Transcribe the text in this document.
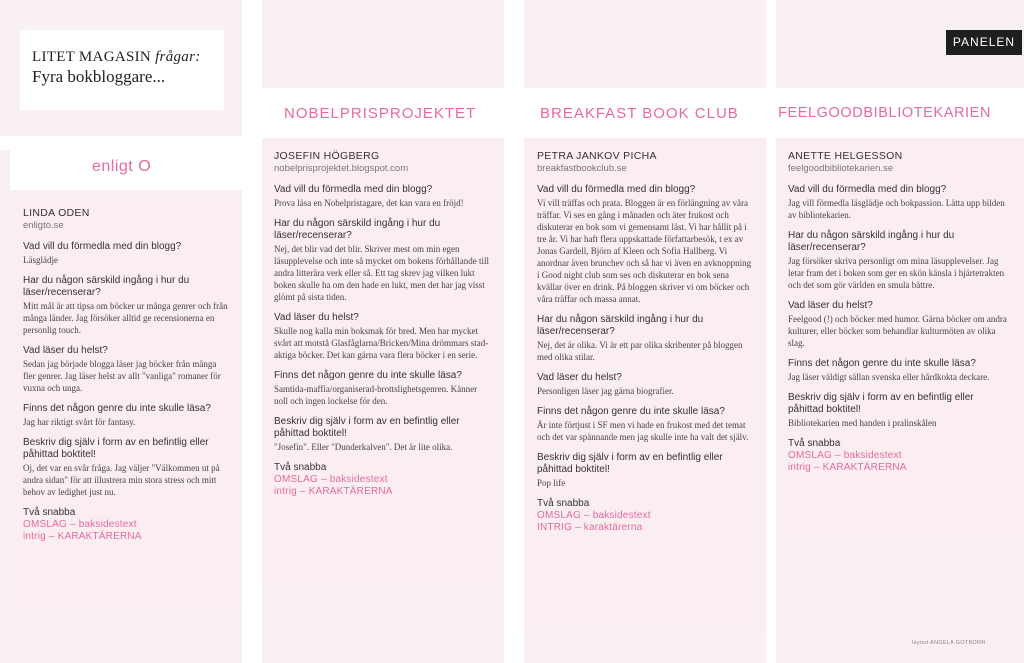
enligt O
LINDA ODEN
enligto.se
Vad vill du förmedla med din blogg?
Läsglädje
Har du någon särskild ingång i hur du läser/recenserar?
Mitt mål är att tipsa om böcker ur många genrer och från många länder. Jag försöker alltid ge recensionerna en personlig touch.
Vad läser du helst?
Sedan jag började blogga läser jag böcker från många fler genrer. Jag läser helst av allt "vanliga" romaner för vuxna och unga.
Finns det någon genre du inte skulle läsa?
Jag har riktigt svårt för fantasy.
Beskriv dig själv i form av en befintlig eller påhittad boktitel!
Oj, det var en svår fråga. Jag väljer "Välkommen ut på andra sidan" för att illustrera min stora stress och mitt behov av ledighet just nu.
Två snabba
OMSLAG – baksidestext
intrig – KARAKTÄRERNA
LITET MAGASIN frågar:
Fyra bokbloggare...
NOBELPRISPROJEKTET
JOSEFIN HÖGBERG
nobelprisprojektet.blogspot.com
Vad vill du förmedla med din blogg?
Prova läsa en Nobelpristagare, det kan vara en fröjd!
Har du någon särskild ingång i hur du läser/recenserar?
Nej, det blir vad det blir. Skriver mest om min egen läsupplevelse och inte så mycket om bokens förhållande till andra litterära verk eller så. Ett tag skrev jag vilken lukt boken skulle ha om den hade en lukt, men det har jag visst glömt på sista tiden.
Vad läser du helst?
Skulle nog kalla min boksmak för bred. Men har mycket svårt att motstå Glasfåglarna/Bricken/Mina drömmars stad-aktiga böcker. Det kan gärna vara flera böcker i en serie.
Finns det någon genre du inte skulle läsa?
Samtida-maffia/organiserad-brottslighetsgenren. Känner noll och ingen lockelse för den.
Beskriv dig själv i form av en befintlig eller påhittad boktitel!
"Josefin". Eller "Dunderkalven". Det är lite olika.
Två snabba
OMSLAG – baksidestext
intrig – KARAKTÄRERNA
BREAKFAST BOOK CLUB
PETRA JANKOV PICHA
breakfastbookclub.se
Vad vill du förmedla med din blogg?
Vi vill träffas och prata. Bloggen är en förlängning av våra träffar. Vi ses en gång i månaden och äter frukost och diskuterar en bok som vi gemensamt läst. Vi har hållit på i tre år. Vi har haft flera uppskattade författarbesök, t ex av Jonas Gardell, Björn af Kleen och Sofia Hallberg. Vi anordnar även brunchev och så har vi även en avknoppning i Good night club som ses och diskuterar en bok sena kvällar över en drink. På bloggen skriver vi om böcker och våra träffar och massa annat.
Har du någon särskild ingång i hur du läser/recenserar?
Nej, det är olika. Vi är ett par olika skribenter på bloggen med olika stilar.
Vad läser du helst?
Personligen läser jag gärna biografier.
Finns det någon genre du inte skulle läsa?
Är inte förtjust i SF men vi hade en frukost med det temat och det var spännande men jag skulle inte ha valt det själv.
Beskriv dig själv i form av en befintlig eller påhittad boktitel!
Pop life
Två snabba
OMSLAG – baksidestext
INTRIG – karaktärerna
FEELGOODBIBLIOTEKARIEN
ANETTE HELGESSON
feelgoodbibliotekarien.se
Vad vill du förmedla med din blogg?
Jag vill förmedla läsglädje och bokpassion. Lätta upp bilden av bibliotekarien.
Har du någon särskild ingång i hur du läser/recenserar?
Jag försöker skriva personligt om mina läsupplevelser. Jag letar fram det i boken som ger en skön känsla i hjärtetrakten och det som gör världen en smula bättre.
Vad läser du helst?
Feelgood (!) och böcker med humor. Gärna böcker om andra kulturer, eller böcker som behandlar kulturmöten av olika slag.
Finns det någon genre du inte skulle läsa?
Jag läser väldigt sällan svenska eller hårdkokta deckare.
Beskriv dig själv i form av en befintlig eller påhittad boktitel!
Bibliotekarien med handen i pralinskålen
Två snabba
OMSLAG – baksidestext
intrig – KARAKTÄRERNA
PANELEN
layout ANGELA GOTBORN
